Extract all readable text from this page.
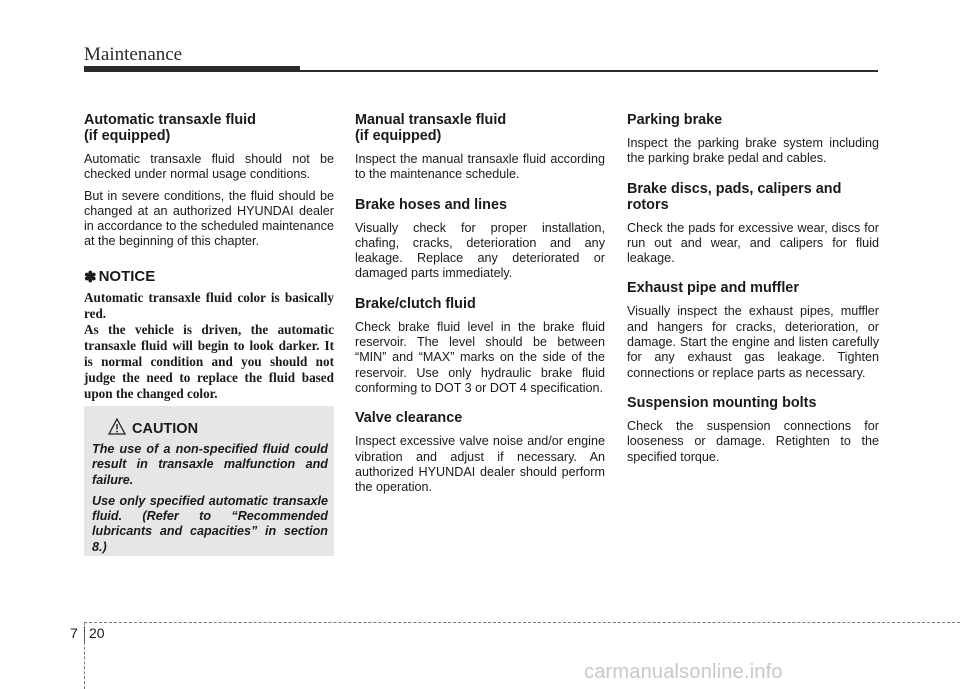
Maintenance
Automatic transaxle fluid
(if equipped)

Automatic transaxle fluid should not be checked under normal usage conditions.

But in severe conditions, the fluid should be changed at an authorized HYUNDAI dealer in accordance to the scheduled maintenance at the beginning of this chapter.

✽ NOTICE

Automatic transaxle fluid color is basically red.
As the vehicle is driven, the automatic transaxle fluid will begin to look darker. It is normal condition and you should not judge the need to replace the fluid based upon the changed color.

CAUTION

The use of a non-specified fluid could result in transaxle malfunction and failure.

Use only specified automatic transaxle fluid. (Refer to “Recommended lubricants and capacities” in section 8.)

Manual transaxle fluid
(if equipped)

Inspect the manual transaxle fluid according to the maintenance schedule.

Brake hoses and lines

Visually check for proper installation, chafing, cracks, deterioration and any leakage. Replace any deteriorated or damaged parts immediately.

Brake/clutch fluid

Check brake fluid level in the brake fluid reservoir. The level should be between “MIN” and “MAX” marks on the side of the reservoir. Use only hydraulic brake fluid conforming to DOT 3 or DOT 4 specification.

Valve clearance

Inspect excessive valve noise and/or engine vibration and adjust if necessary. An authorized HYUNDAI dealer should perform the operation.

Parking brake

Inspect the parking brake system including the parking brake pedal and cables.

Brake discs, pads, calipers and rotors

Check the pads for excessive wear, discs for run out and wear, and calipers for fluid leakage.

Exhaust pipe and muffler

Visually inspect the exhaust pipes, muffler and hangers for cracks, deterioration, or damage. Start the engine and listen carefully for any exhaust gas leakage. Tighten connections or replace parts as necessary.

Suspension mounting bolts

Check the suspension connections for looseness or damage. Retighten to the specified torque.

7 20
carmanualsonline.info
